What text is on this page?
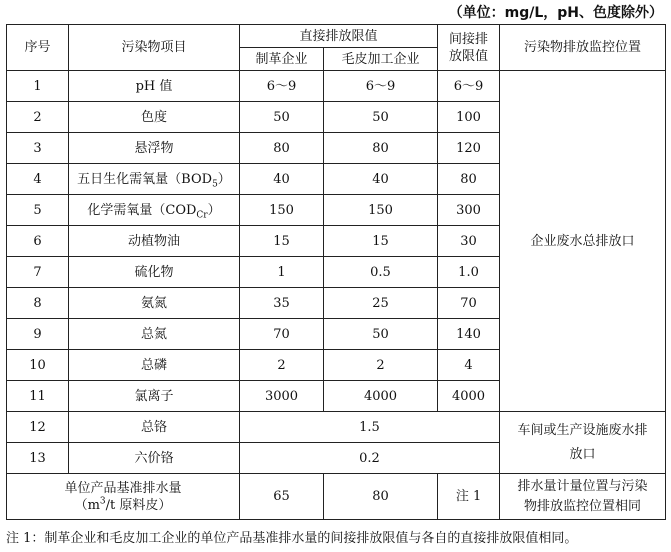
（单位：mg/L，pH、色度除外）
序号	污染物项目	直接排放限值		间接排放限值	污染物排放监控位置
		制革企业	毛皮加工企业		
1	pH 值	6～9	6～9	6～9	企业废水总排放口
2	色度	50	50	100	
3	悬浮物	80	80	120	
4	五日生化需氧量$(BOD_5)$	40	40	80	
5	化学需氧量$(COD_{Cr})$	150	150	300	
6	动植物油	15	15	30	
7	硫化物	1	0.5	1.0	
8	氨氮	35	25	70	
9	总氮	70	50	140	
10	总磷	2	2	4	
11	氯离子	3000	4000	4000	
12	总铬	1.5			车间或生产设施废水排放口
13	六价铬	0.2			

单位产品基准排水量
（$m^3/t$ 原料皮）		65	80	注 1	排水量计量位置与污染物排放监控位置相同
注 1：制革企业和毛皮加工企业的单位产品基准排水量的间接排放限值与各自的直接排放限值相同。
